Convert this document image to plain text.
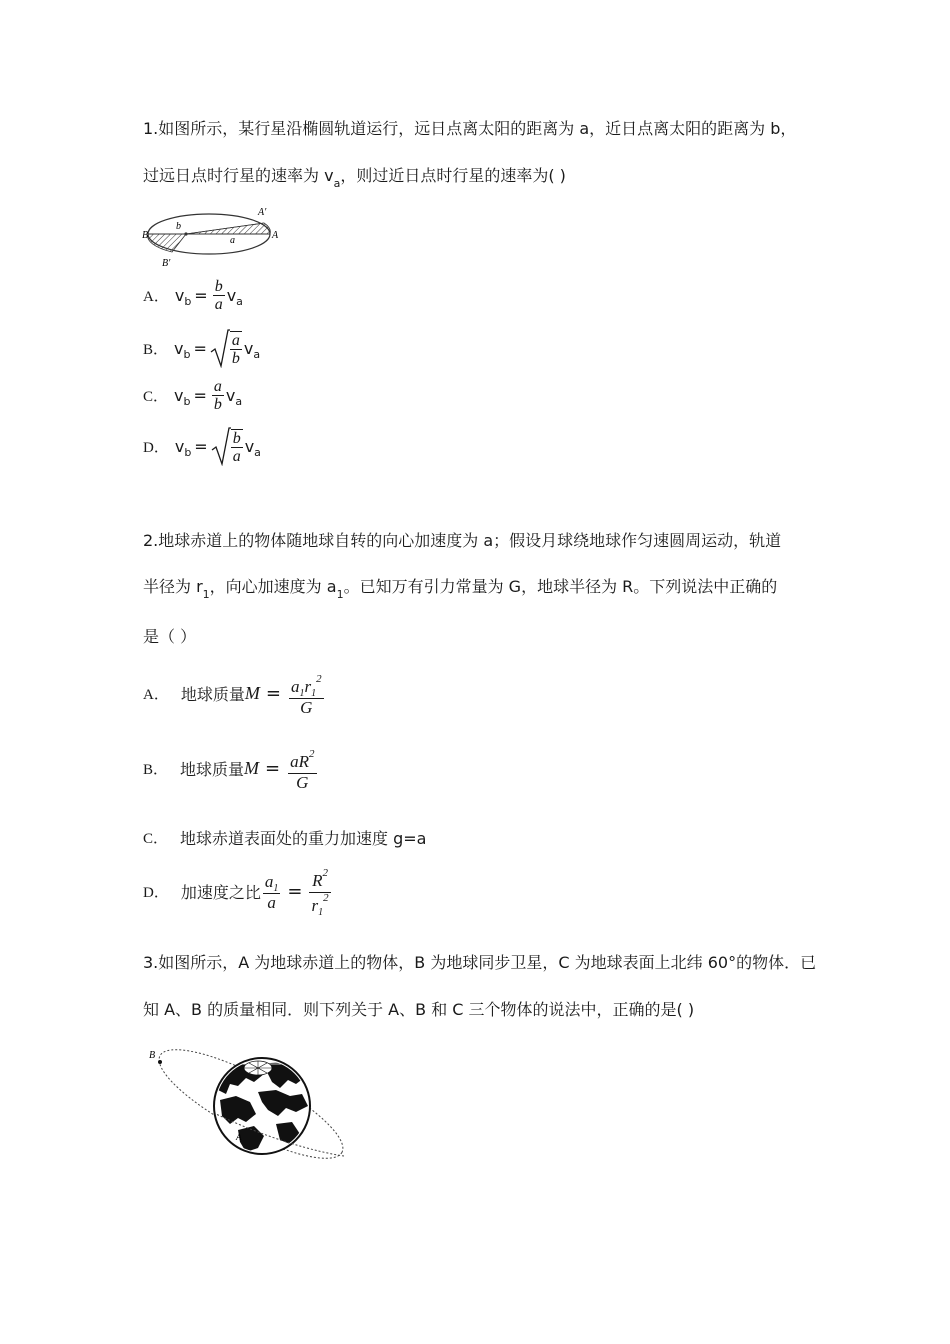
1.如图所示，某行星沿椭圆轨道运行，远日点离太阳的距离为 a，近日点离太阳的距离为 b，
过远日点时行星的速率为 $v_a$，则过近日点时行星的速率为( )
B
b
a	A
A′
B′
A． v $b = \frac{b}{a}$ v a
B． v $b = \frac{a}{b}$ v a
C． v $b = \frac{a}{b}$ v a
D． v $b = \frac{b}{a}$ v a
2.地球赤道上的物体随地球自转的向心加速度为 a；假设月球绕地球作匀速圆周运动，轨道
半径为 $r_1$，向心加速度为 $a_1$。已知万有引力常量为 G，地球半径为 R。下列说法中正确的
是（ ）
A． 地球质量 $M = \frac{a_1r_1^2}{G}$
B． 地球质量 $M = \frac{aR^2}{G}$
C． 地球赤道表面处的重力加速度 g=a
D． 加速度之比 $\frac{a_1}{a} = \frac{R^2}{r_1^2}$
3.如图所示，A 为地球赤道上的物体，B 为地球同步卫星，C 为地球表面上北纬 60°的物体．已
知 A、B 的质量相同．则下列关于 A、B 和 C 三个物体的说法中，正确的是( )
B
A
